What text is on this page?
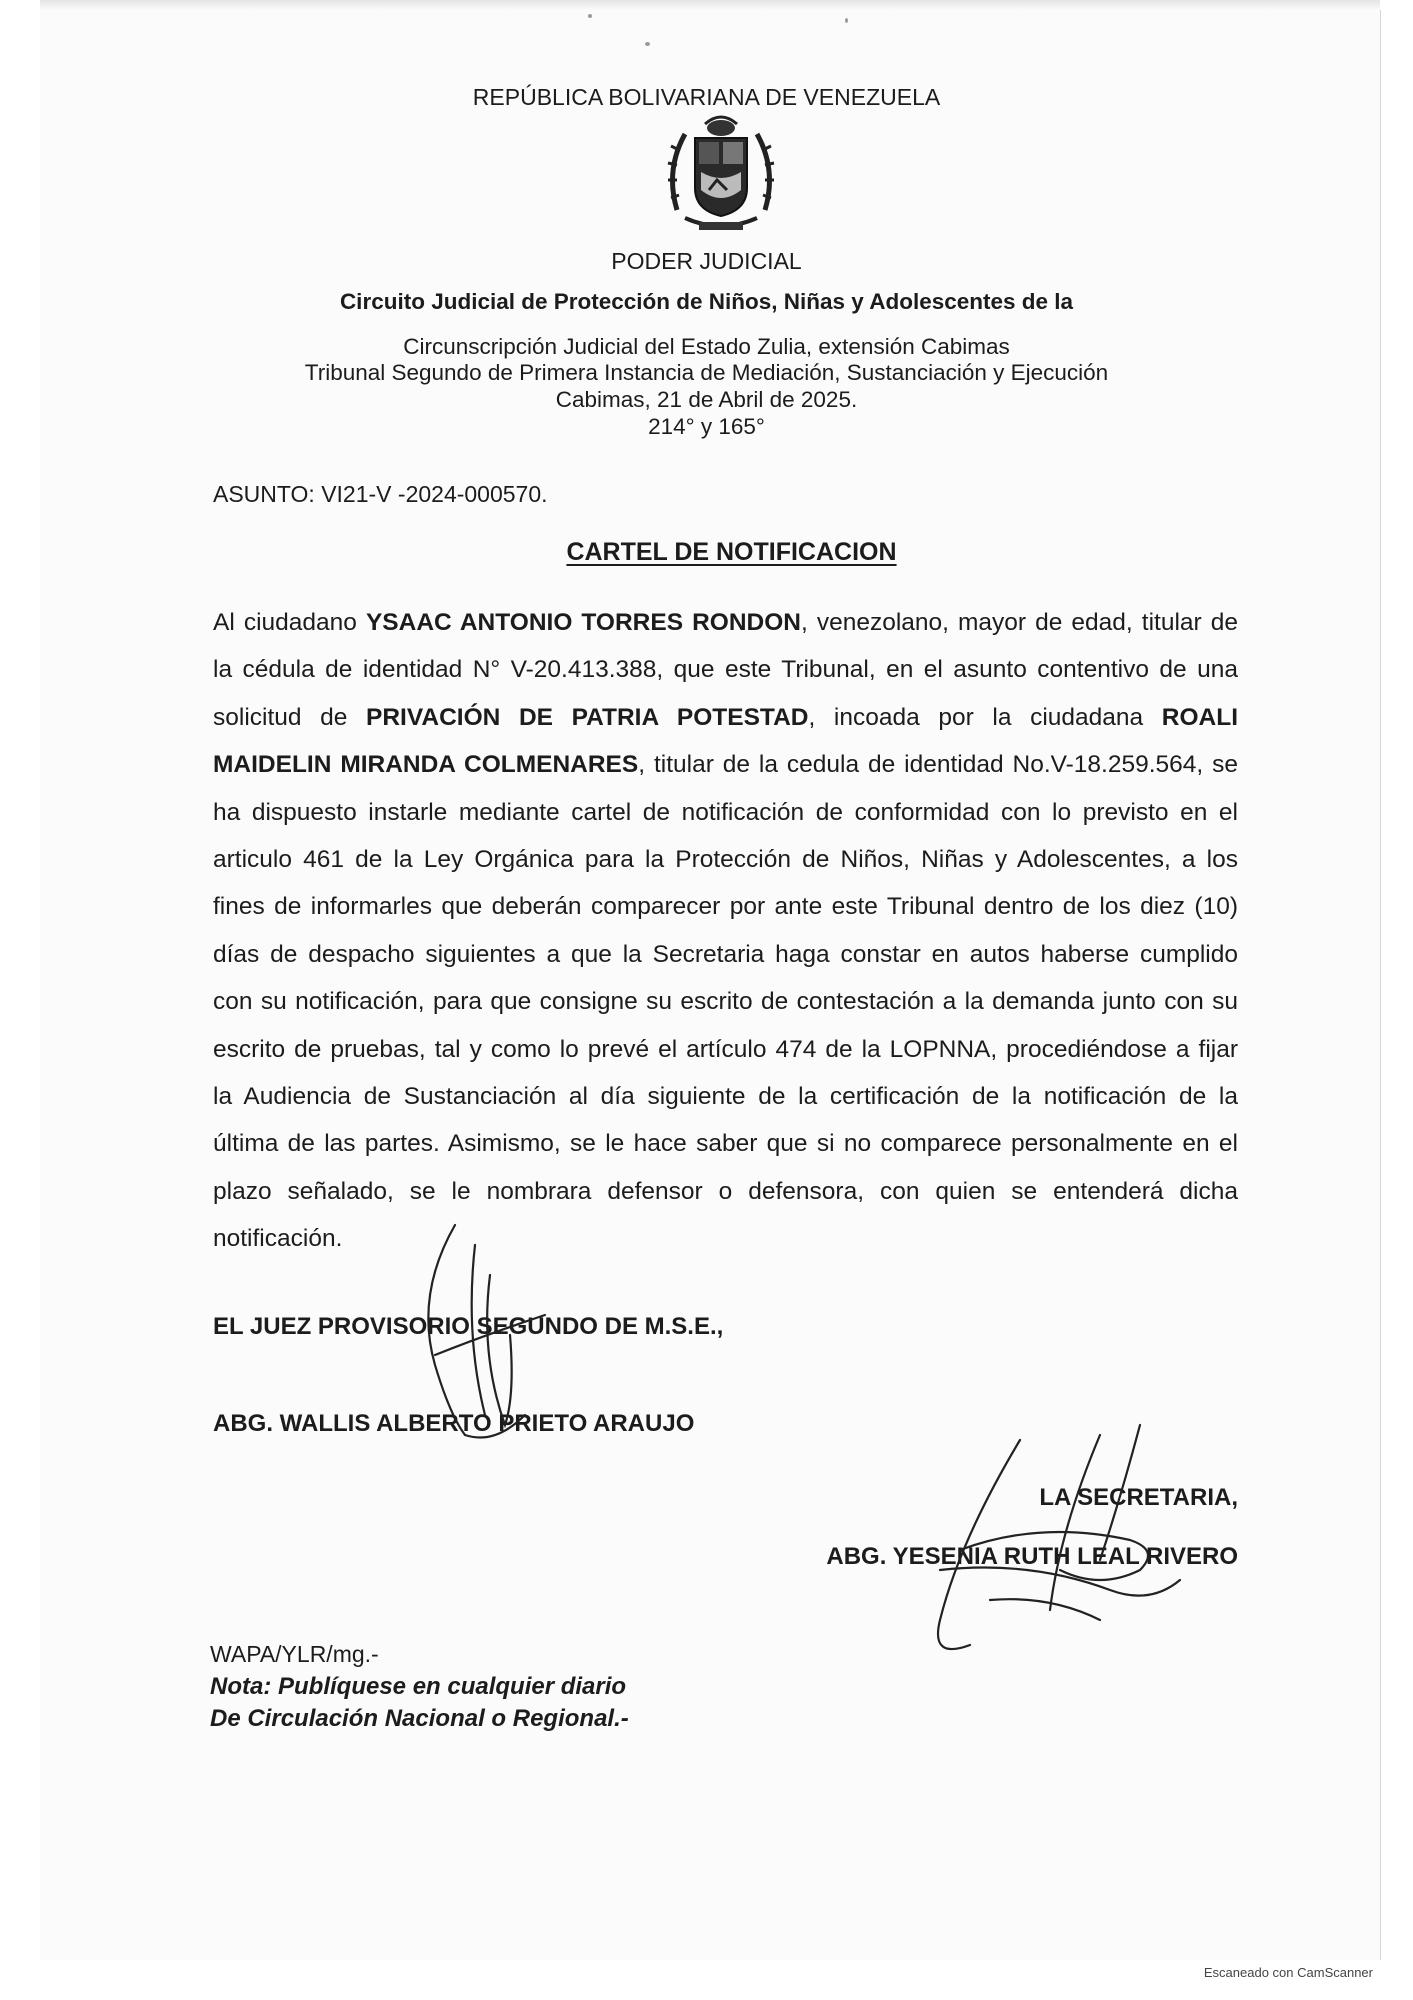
REPÚBLICA BOLIVARIANA DE VENEZUELA
PODER JUDICIAL
Circuito Judicial de Protección de Niños, Niñas y Adolescentes de la
Circunscripción Judicial del Estado Zulia, extensión Cabimas
Tribunal Segundo de Primera Instancia de Mediación, Sustanciación y Ejecución
Cabimas, 21 de Abril de 2025.
214° y 165°
ASUNTO: VI21-V -2024-000570.
CARTEL DE NOTIFICACION
Al ciudadano YSAAC ANTONIO TORRES RONDON, venezolano, mayor de edad, titular de la cédula de identidad N° V-20.413.388, que este Tribunal, en el asunto contentivo de una solicitud de PRIVACIÓN DE PATRIA POTESTAD, incoada por la ciudadana ROALI MAIDELIN MIRANDA COLMENARES, titular de la cedula de identidad No.V-18.259.564, se ha dispuesto instarle mediante cartel de notificación de conformidad con lo previsto en el articulo 461 de la Ley Orgánica para la Protección de Niños, Niñas y Adolescentes, a los fines de informarles que deberán comparecer por ante este Tribunal dentro de los diez (10) días de despacho siguientes a que la Secretaria haga constar en autos haberse cumplido con su notificación, para que consigne su escrito de contestación a la demanda junto con su escrito de pruebas, tal y como lo prevé el artículo 474 de la LOPNNA, procediéndose a fijar la Audiencia de Sustanciación al día siguiente de la certificación de la notificación de la última de las partes. Asimismo, se le hace saber que si no comparece personalmente en el plazo señalado, se le nombrara defensor o defensora, con quien se entenderá dicha notificación.
EL JUEZ PROVISORIO SEGUNDO DE M.S.E.,
ABG. WALLIS ALBERTO PRIETO ARAUJO
LA SECRETARIA,
ABG. YESENIA RUTH LEAL RIVERO
WAPA/YLR/mg.-
Nota: Publíquese en cualquier diario
De Circulación Nacional o Regional.-
Escaneado con CamScanner
